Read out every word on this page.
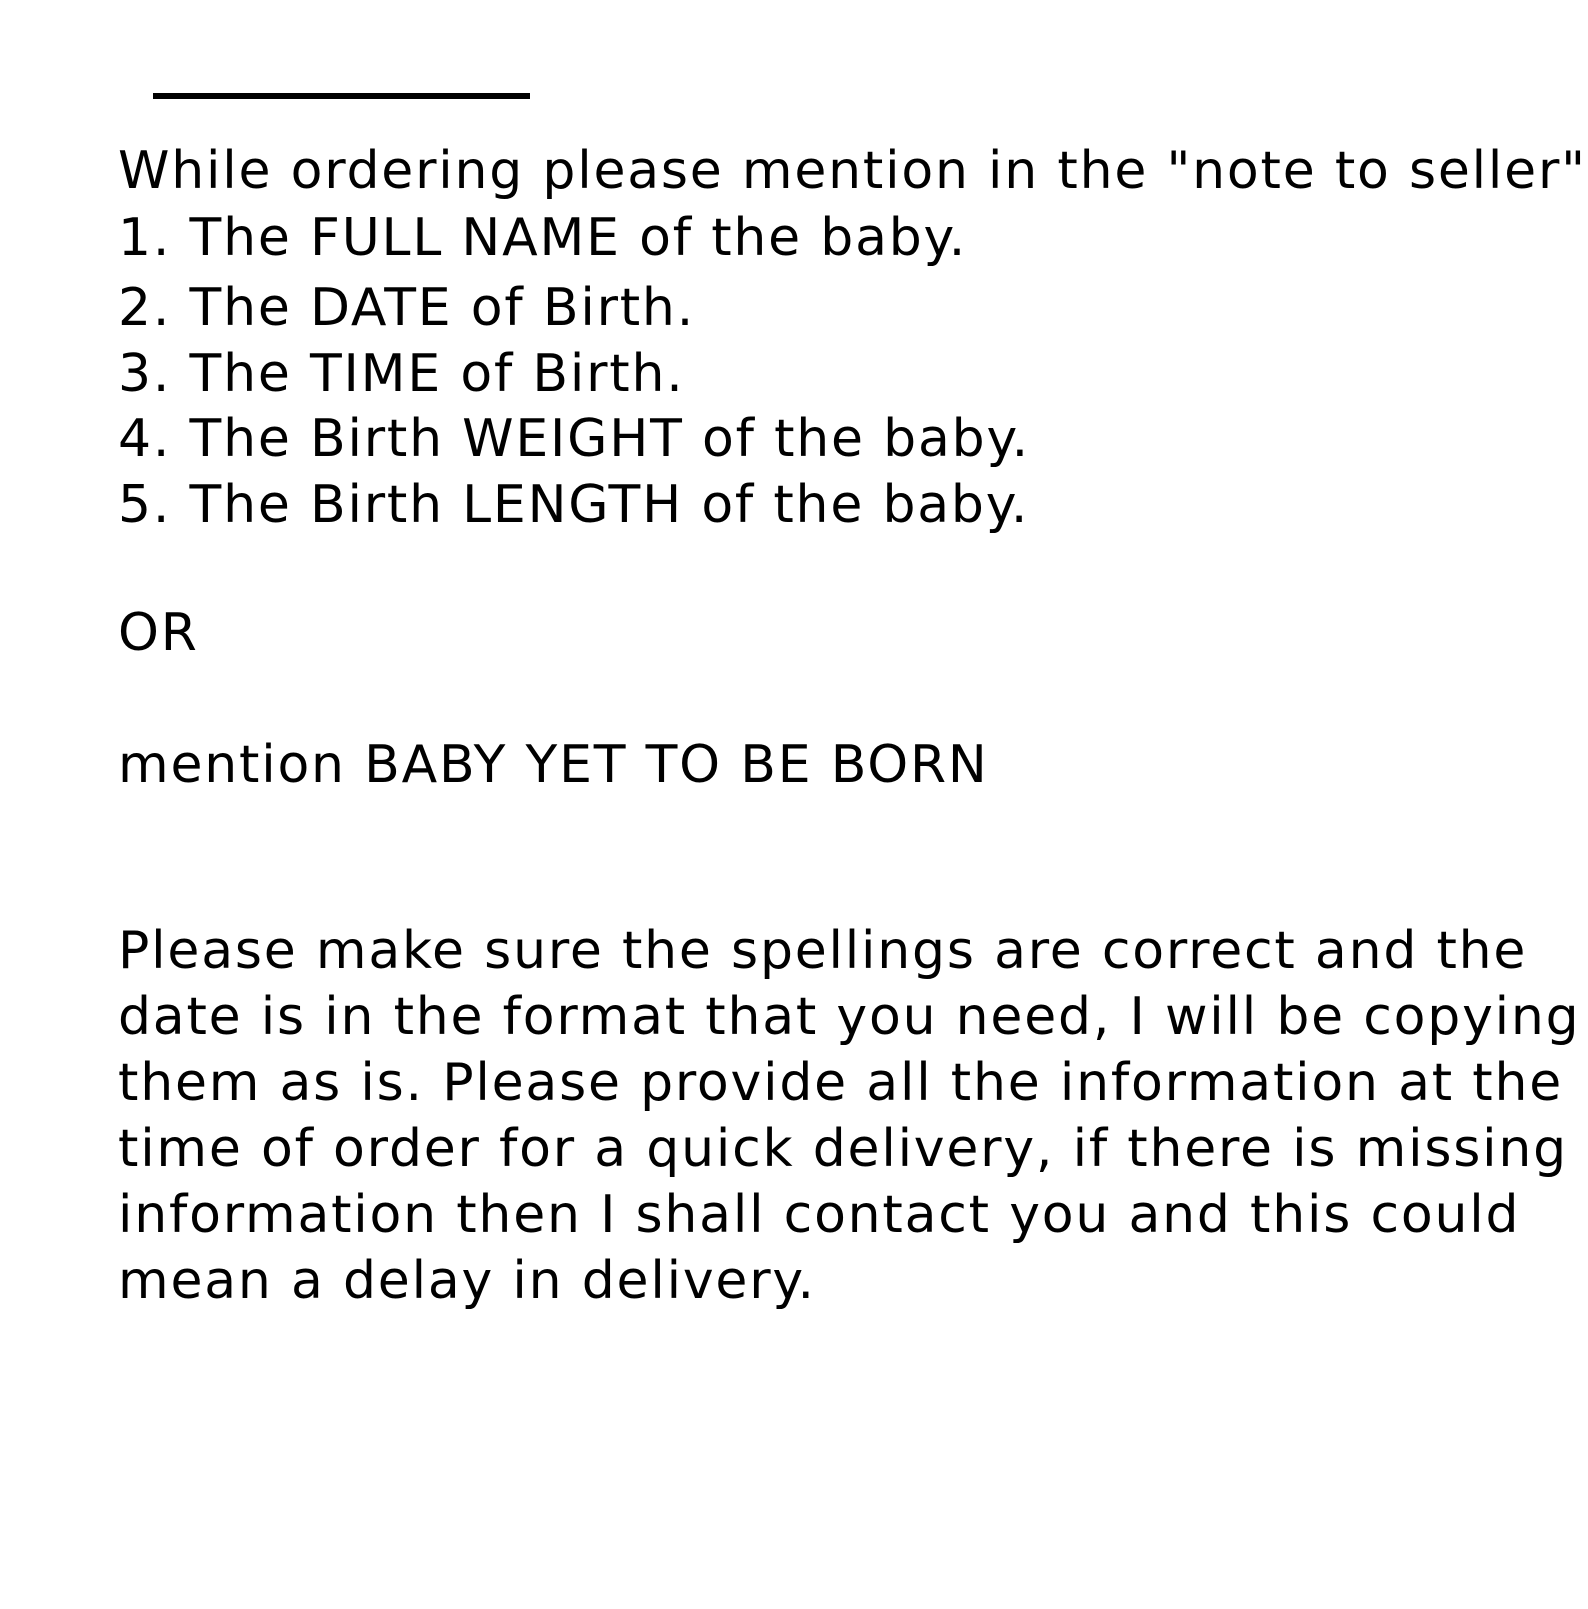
While ordering please mention in the "note to seller"

1. The FULL NAME of the baby.

2. The DATE of Birth.

3. The TIME of Birth.

4. The Birth WEIGHT of the baby.

5. The Birth LENGTH of the baby.

OR

mention BABY YET TO BE BORN

Please make sure the spellings are correct and the

date is in the format that you need, I will be copying

them as is. Please provide all the information at the

time of order for a quick delivery, if there is missing

information then I shall contact you and this could

mean a delay in delivery.
